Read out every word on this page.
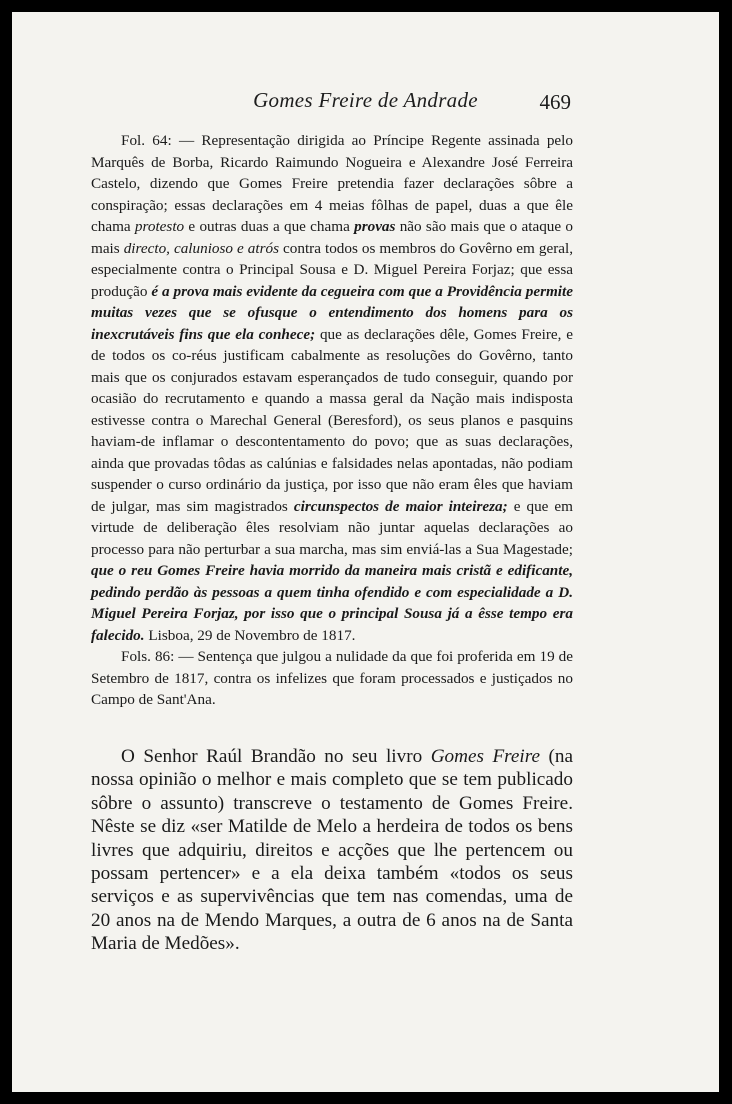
Gomes Freire de Andrade	469

Fol. 64: — Representação dirigida ao Príncipe Regente assinada pelo Marquês de Borba, Ricardo Raimundo Nogueira e Alexandre José Ferreira Castelo, dizendo que Gomes Freire pretendia fazer declarações sôbre a conspiração; essas declarações em 4 meias fôlhas de papel, duas a que êle chama protesto e outras duas a que chama provas não são mais que o ataque o mais directo, calunioso e atrós contra todos os membros do Govêrno em geral, especialmente contra o Principal Sousa e D. Miguel Pereira Forjaz; que essa produção é a prova mais evidente da cegueira com que a Providência permite muitas vezes que se ofusque o entendimento dos homens para os inexcrutáveis fins que ela conhece; que as declarações dêle, Gomes Freire, e de todos os co-réus justificam cabalmente as resoluções do Govêrno, tanto mais que os conjurados estavam esperançados de tudo conseguir, quando por ocasião do recrutamento e quando a massa geral da Nação mais indisposta estivesse contra o Marechal General (Beresford), os seus planos e pasquins haviam-de inflamar o descontentamento do povo; que as suas declarações, ainda que provadas tôdas as calúnias e falsidades nelas apontadas, não podiam suspender o curso ordinário da justiça, por isso que não eram êles que haviam de julgar, mas sim magistrados circunspectos de maior inteireza; e que em virtude de deliberação êles resolviam não juntar aquelas declarações ao processo para não perturbar a sua marcha, mas sim enviá-las a Sua Magestade; que o reu Gomes Freire havia morrido da maneira mais cristã e edificante, pedindo perdão às pessoas a quem tinha ofendido e com especialidade a D. Miguel Pereira Forjaz, por isso que o principal Sousa já a êsse tempo era falecido. Lisboa, 29 de Novembro de 1817.

Fols. 86: — Sentença que julgou a nulidade da que foi proferida em 19 de Setembro de 1817, contra os infelizes que foram processados e justiçados no Campo de Sant'Ana.

O Senhor Raúl Brandão no seu livro Gomes Freire (na nossa opinião o melhor e mais completo que se tem publicado sôbre o assunto) transcreve o testamento de Gomes Freire. Nêste se diz «ser Matilde de Melo a herdeira de todos os bens livres que adquiriu, direitos e acções que lhe pertencem ou possam pertencer» e a ela deixa também «todos os seus serviços e as supervivências que tem nas comendas, uma de 20 anos na de Mendo Marques, a outra de 6 anos na de Santa Maria de Medões».
